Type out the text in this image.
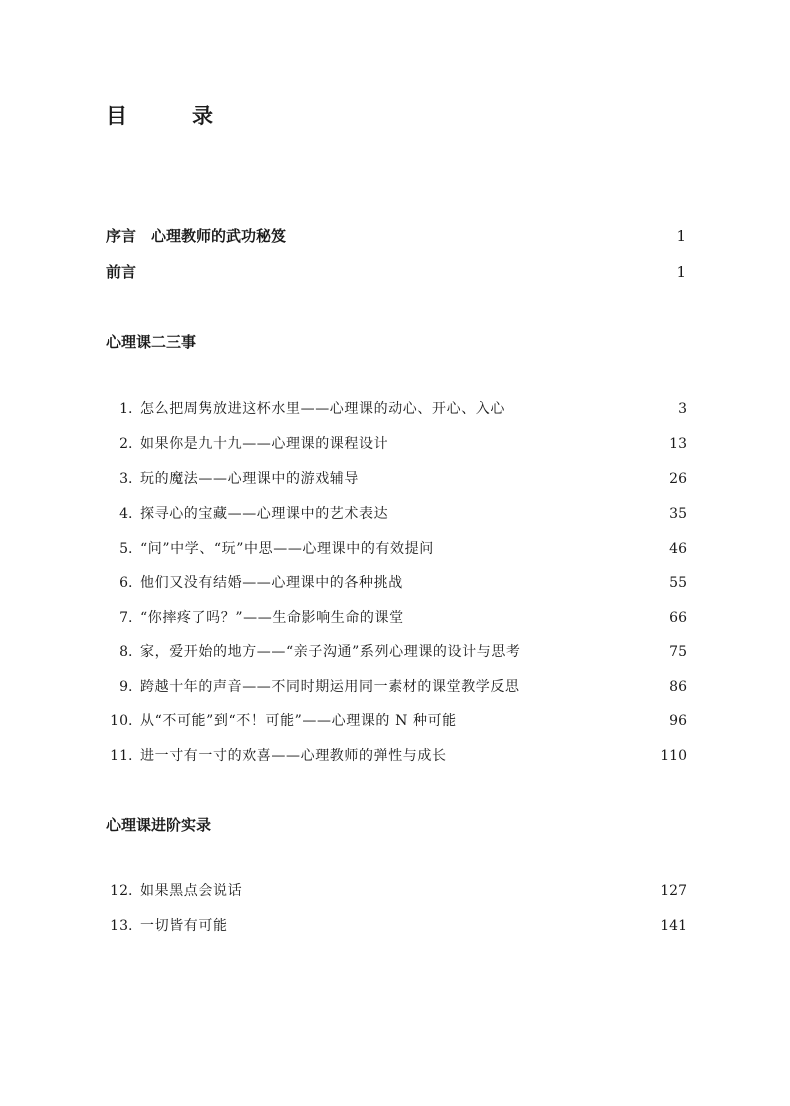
目　录
序言　心理教师的武功秘笈	1
前言	1
心理课二三事
1 . 怎么把周隽放进这杯水里——心理课的动心、开心、入心	3
2 . 如果你是九十九——心理课的课程设计	13
3 . 玩的魔法——心理课中的游戏辅导	26
4 . 探寻心的宝藏——心理课中的艺术表达	35
5 . “问”中学、“玩”中思——心理课中的有效提问	46
6 . 他们又没有结婚——心理课中的各种挑战	55
7 . “你摔疼了吗？”——生命影响生命的课堂	66
8 . 家，爱开始的地方——“亲子沟通”系列心理课的设计与思考	75
9 . 跨越十年的声音——不同时期运用同一素材的课堂教学反思	86
10 . 从“不可能”到“不！可能”——心理课的 N 种可能	96
11 . 进一寸有一寸的欢喜——心理教师的弹性与成长	110
心理课进阶实录
12 . 如果黑点会说话	127
13 . 一切皆有可能	141
